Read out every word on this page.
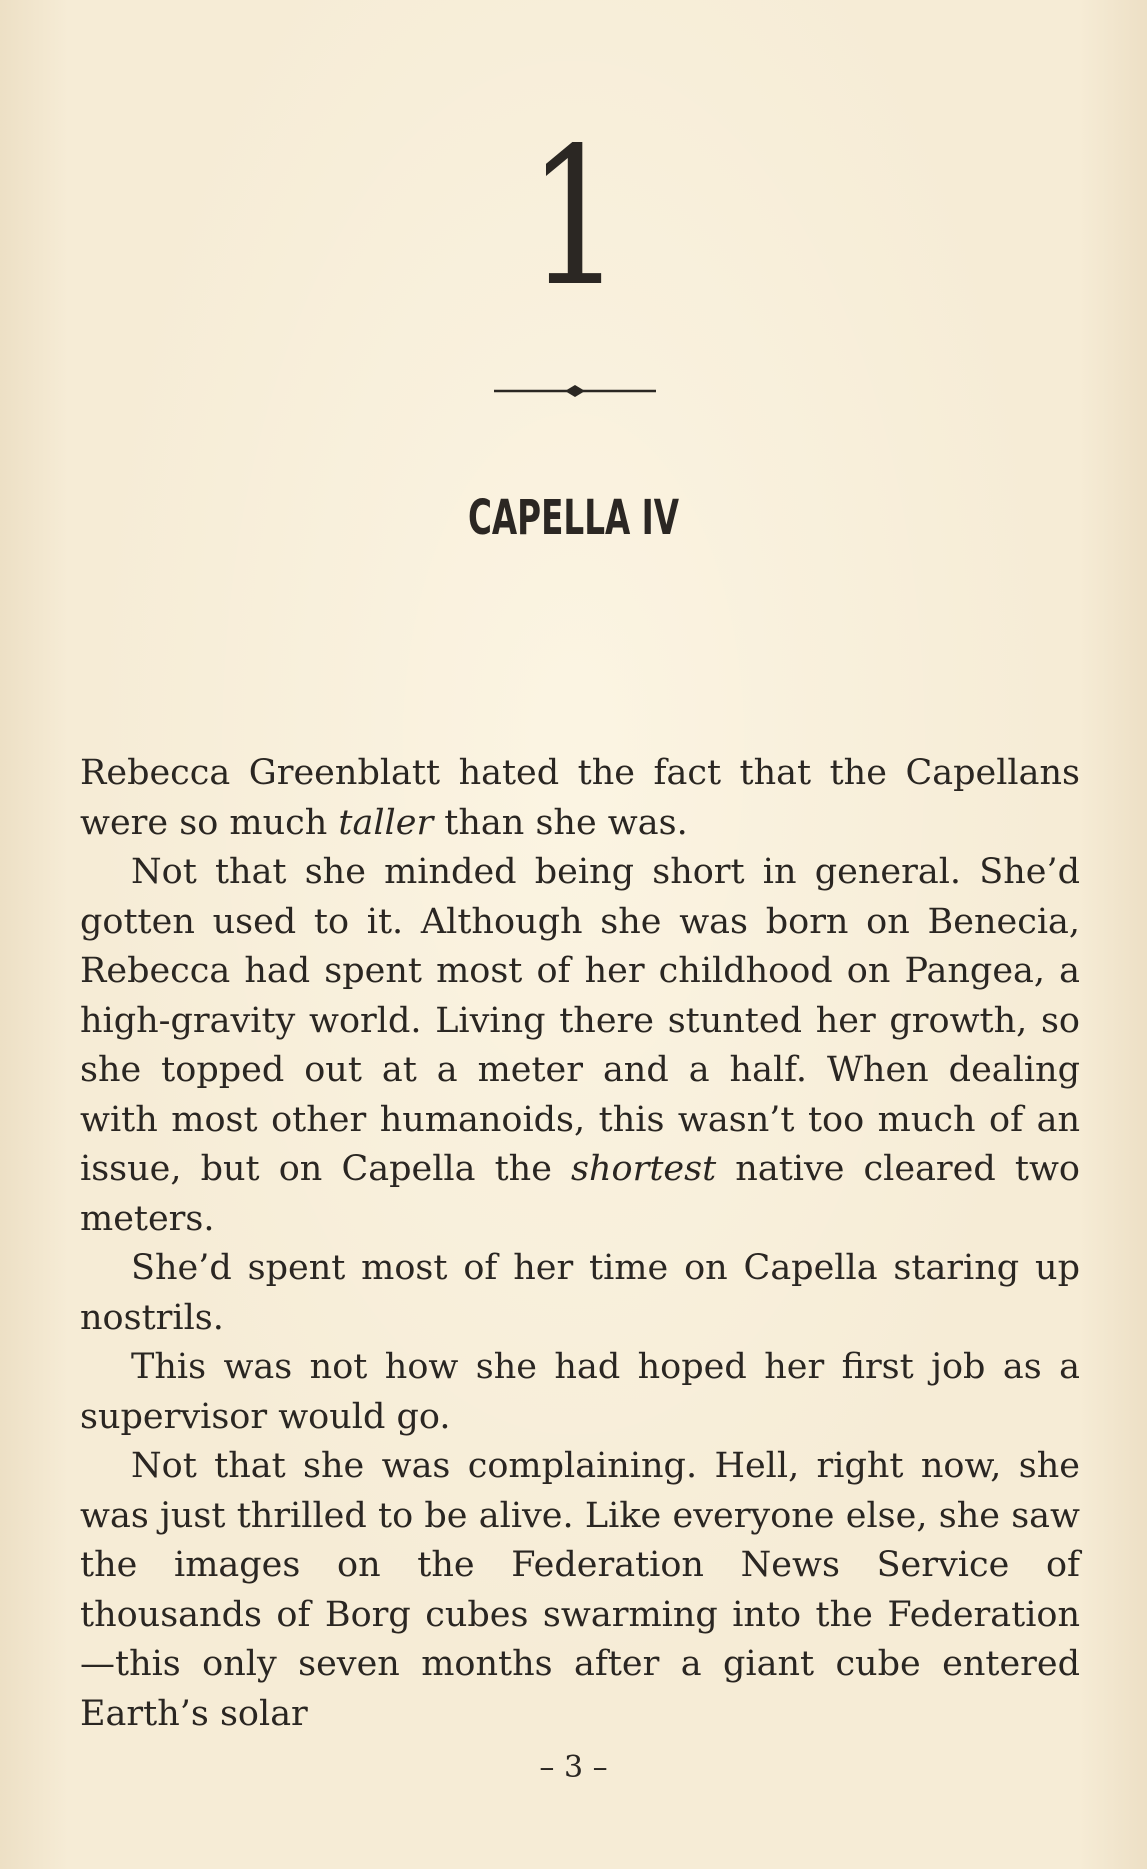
1
CAPELLA IV

Rebecca Greenblatt hated the fact that the Capellans were so much taller than she was.

Not that she minded being short in general. She’d gotten used to it. Although she was born on Benecia, Rebecca had spent most of her childhood on Pangea, a high-gravity world. Living there stunted her growth, so she topped out at a meter and a half. When dealing with most other humanoids, this wasn’t too much of an issue, but on Capella the shortest native cleared two meters.

She’d spent most of her time on Capella staring up nostrils.

This was not how she had hoped her first job as a supervisor would go.

Not that she was complaining. Hell, right now, she was just thrilled to be alive. Like everyone else, she saw the images on the Federation News Service of thousands of Borg cubes swarming into the Federation—this only seven months after a giant cube entered Earth’s solar

– 3 –
